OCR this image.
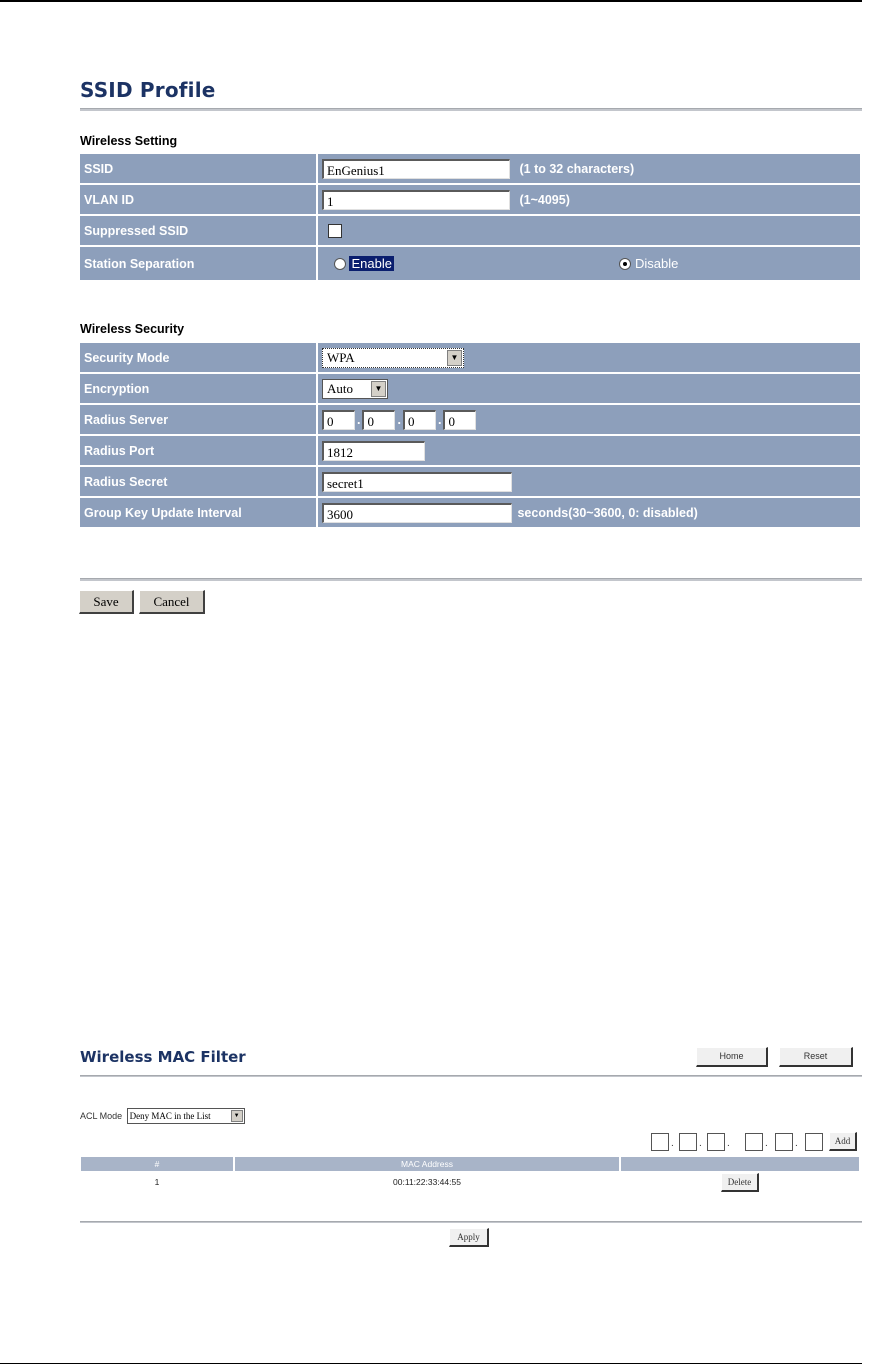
SSID Profile
Wireless Setting
SSID	EnGenius1 (1 to 32 characters)
VLAN ID	1 (1~4095)
Suppressed SSID	
Station Separation	Enable Disable
Wireless Security
Security Mode	WPA ▼

Encryption	Auto ▼

Radius Server	0 . 0 . 0 . 0
Radius Port	1812
Radius Secret	secret1
Group Key Update Interval	3600 seconds(30~3600, 0: disabled)
Save	Cancel
Wireless MAC Filter	Home	Reset
ACL Mode Deny MAC in the List	▼
.	.	.	.	.	Add
#	MAC Address	
1	00:11:22:33:44:55	Delete
Apply
